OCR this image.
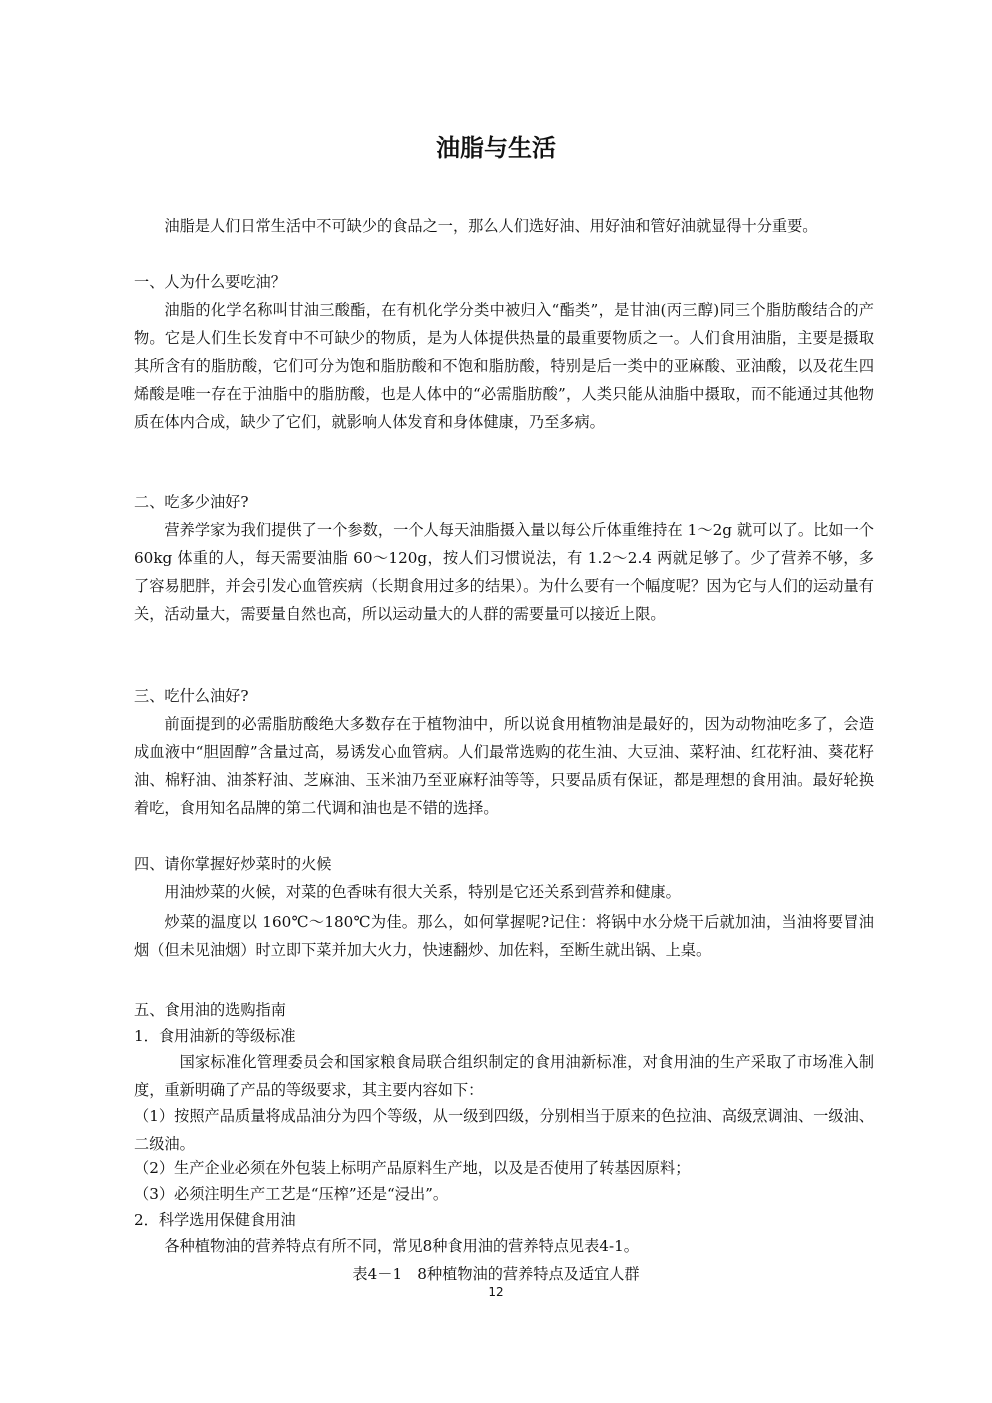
油脂与生活
油脂是人们日常生活中不可缺少的食品之一，那么人们选好油、用好油和管好油就显得十分重要。
一、人为什么要吃油？
油脂的化学名称叫甘油三酸酯，在有机化学分类中被归入“酯类”，是甘油(丙三醇)同三个脂肪酸结合的产物。它是人们生长发育中不可缺少的物质，是为人体提供热量的最重要物质之一。人们食用油脂，主要是摄取其所含有的脂肪酸，它们可分为饱和脂肪酸和不饱和脂肪酸，特别是后一类中的亚麻酸、亚油酸，以及花生四烯酸是唯一存在于油脂中的脂肪酸，也是人体中的“必需脂肪酸”，人类只能从油脂中摄取，而不能通过其他物质在体内合成，缺少了它们，就影响人体发育和身体健康，乃至多病。
二、吃多少油好?
营养学家为我们提供了一个参数，一个人每天油脂摄入量以每公斤体重维持在 1～2g 就可以了。比如一个 60kg 体重的人，每天需要油脂 60～120g，按人们习惯说法，有 1.2～2.4 两就足够了。少了营养不够，多了容易肥胖，并会引发心血管疾病（长期食用过多的结果）。为什么要有一个幅度呢？因为它与人们的运动量有关，活动量大，需要量自然也高，所以运动量大的人群的需要量可以接近上限。
三、吃什么油好?
前面提到的必需脂肪酸绝大多数存在于植物油中，所以说食用植物油是最好的，因为动物油吃多了，会造成血液中“胆固醇”含量过高，易诱发心血管病。人们最常选购的花生油、大豆油、菜籽油、红花籽油、葵花籽油、棉籽油、油茶籽油、芝麻油、玉米油乃至亚麻籽油等等，只要品质有保证，都是理想的食用油。最好轮换着吃，食用知名品牌的第二代调和油也是不错的选择。
四、请你掌握好炒菜时的火候
用油炒菜的火候，对菜的色香味有很大关系，特别是它还关系到营养和健康。
炒菜的温度以 160℃～180℃为佳。那么，如何掌握呢?记住：将锅中水分烧干后就加油，当油将要冒油烟（但未见油烟）时立即下菜并加大火力，快速翻炒、加佐料，至断生就出锅、上桌。
五、食用油的选购指南
1．食用油新的等级标准
国家标准化管理委员会和国家粮食局联合组织制定的食用油新标准，对食用油的生产采取了市场准入制度，重新明确了产品的等级要求，其主要内容如下：
（1）按照产品质量将成品油分为四个等级，从一级到四级，分别相当于原来的色拉油、高级烹调油、一级油、二级油。
（2）生产企业必须在外包装上标明产品原料生产地，以及是否使用了转基因原料；
（3）必须注明生产工艺是“压榨”还是“浸出”。
2．科学选用保健食用油
各种植物油的营养特点有所不同，常见8种食用油的营养特点见表4-1。
表4－1　8种植物油的营养特点及适宜人群
12
